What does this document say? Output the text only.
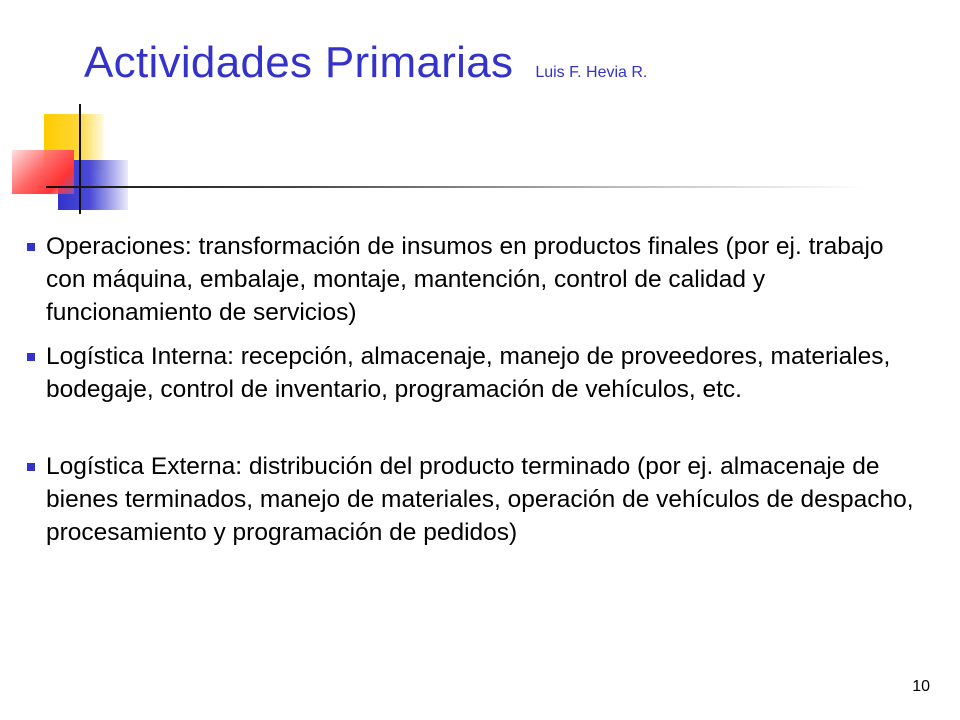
Actividades Primarias Luis F. Hevia R.

Operaciones: transformación de insumos en productos finales (por ej. trabajo con máquina, embalaje, montaje, mantención, control de calidad y funcionamiento de servicios)

Logística Interna: recepción, almacenaje, manejo de proveedores, materiales, bodegaje, control de inventario, programación de vehículos, etc.

Logística Externa: distribución del producto terminado (por ej. almacenaje de bienes terminados, manejo de materiales, operación de vehículos de despacho, procesamiento y programación de pedidos)

10
